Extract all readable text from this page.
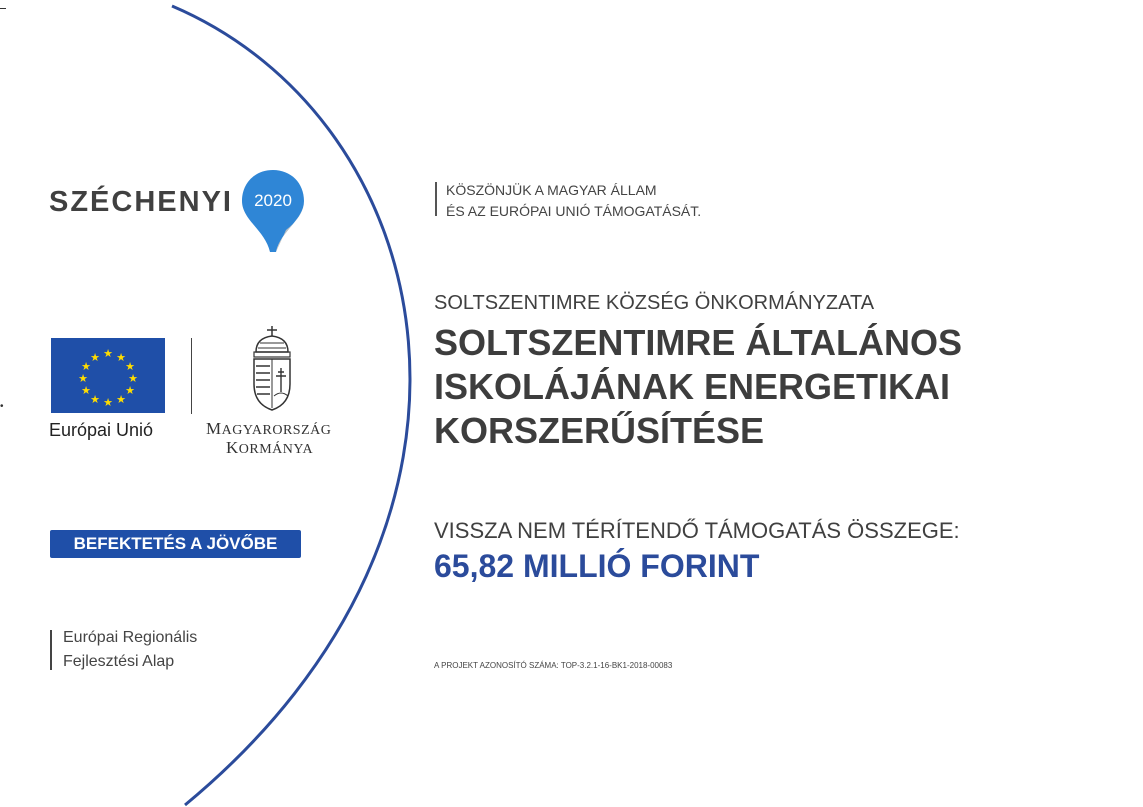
•
SZÉCHENYI 2020
★ ★
★
★
★
★
★
★
★
★
★
★
Európai Unió	MAGYARORSZÁG
KORMÁNYA
BEFEKTETÉS A JÖVŐBE
Európai Regionális
Fejlesztési Alap
KÖSZÖNJÜK A MAGYAR ÁLLAM
ÉS AZ EURÓPAI UNIÓ TÁMOGATÁSÁT.
SOLTSZENTIMRE KÖZSÉG ÖNKORMÁNYZATA
SOLTSZENTIMRE ÁLTALÁNOS
ISKOLÁJÁNAK ENERGETIKAI
KORSZERŰSÍTÉSE
VISSZA NEM TÉRÍTENDŐ TÁMOGATÁS ÖSSZEGE:
65,82 MILLIÓ FORINT
A PROJEKT AZONOSÍTÓ SZÁMA: TOP-3.2.1-16-BK1-2018-00083
